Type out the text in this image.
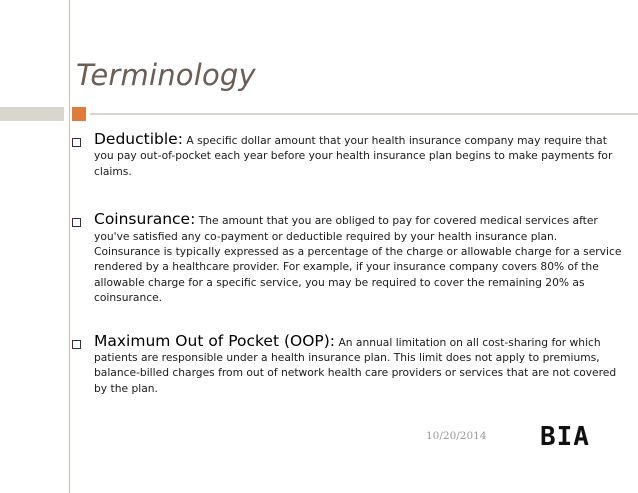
Terminology
Deductible: A specific dollar amount that your health insurance company may require that you pay out-of-pocket each year before your health insurance plan begins to make payments for claims.
Coinsurance: The amount that you are obliged to pay for covered medical services after you've satisfied any co-payment or deductible required by your health insurance plan. Coinsurance is typically expressed as a percentage of the charge or allowable charge for a service rendered by a healthcare provider. For example, if your insurance company covers 80% of the allowable charge for a specific service, you may be required to cover the remaining 20% as coinsurance.
Maximum Out of Pocket (OOP): An annual limitation on all cost-sharing for which patients are responsible under a health insurance plan. This limit does not apply to premiums, balance-billed charges from out of network health care providers or services that are not covered by the plan.
10/20/2014 BIA
